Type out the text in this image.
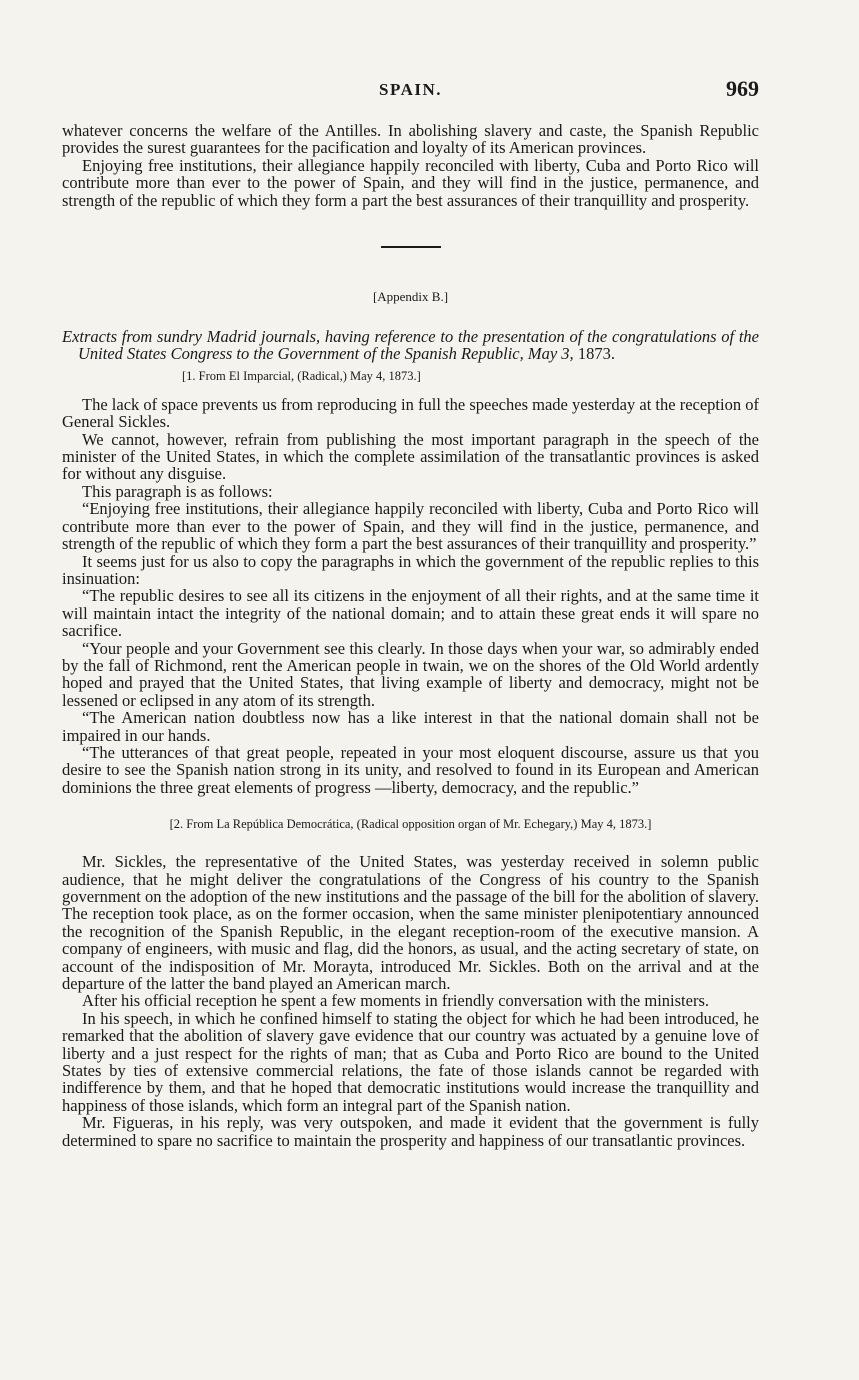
SPAIN.	969

whatever concerns the welfare of the Antilles. In abolishing slavery and caste, the Spanish Republic provides the surest guarantees for the pacification and loyalty of its American provinces.

Enjoying free institutions, their allegiance happily reconciled with liberty, Cuba and Porto Rico will contribute more than ever to the power of Spain, and they will find in the justice, permanence, and strength of the republic of which they form a part the best assurances of their tranquillity and prosperity.

[Appendix B.]
Extracts from sundry Madrid journals, having reference to the presentation of the congratulations of the United States Congress to the Government of the Spanish Republic, May 3, 1873.
[1. From El Imparcial, (Radical,) May 4, 1873.]

The lack of space prevents us from reproducing in full the speeches made yesterday at the reception of General Sickles.

We cannot, however, refrain from publishing the most important paragraph in the speech of the minister of the United States, in which the complete assimilation of the transatlantic provinces is asked for without any disguise.

This paragraph is as follows:

“Enjoying free institutions, their allegiance happily reconciled with liberty, Cuba and Porto Rico will contribute more than ever to the power of Spain, and they will find in the justice, permanence, and strength of the republic of which they form a part the best assurances of their tranquillity and prosperity.”

It seems just for us also to copy the paragraphs in which the government of the republic replies to this insinuation:

“The republic desires to see all its citizens in the enjoyment of all their rights, and at the same time it will maintain intact the integrity of the national domain; and to attain these great ends it will spare no sacrifice.

“Your people and your Government see this clearly. In those days when your war, so admirably ended by the fall of Richmond, rent the American people in twain, we on the shores of the Old World ardently hoped and prayed that the United States, that living example of liberty and democracy, might not be lessened or eclipsed in any atom of its strength.

“The American nation doubtless now has a like interest in that the national domain shall not be impaired in our hands.

“The utterances of that great people, repeated in your most eloquent discourse, assure us that you desire to see the Spanish nation strong in its unity, and resolved to found in its European and American dominions the three great elements of progress —liberty, democracy, and the republic.”

[2. From La República Democrática, (Radical opposition organ of Mr. Echegary,) May 4, 1873.]

Mr. Sickles, the representative of the United States, was yesterday received in solemn public audience, that he might deliver the congratulations of the Congress of his country to the Spanish government on the adoption of the new institutions and the passage of the bill for the abolition of slavery. The reception took place, as on the former occasion, when the same minister plenipotentiary announced the recognition of the Spanish Republic, in the elegant reception-room of the executive mansion. A company of engineers, with music and flag, did the honors, as usual, and the acting secretary of state, on account of the indisposition of Mr. Morayta, introduced Mr. Sickles. Both on the arrival and at the departure of the latter the band played an American march.

After his official reception he spent a few moments in friendly conversation with the ministers.

In his speech, in which he confined himself to stating the object for which he had been introduced, he remarked that the abolition of slavery gave evidence that our country was actuated by a genuine love of liberty and a just respect for the rights of man; that as Cuba and Porto Rico are bound to the United States by ties of extensive commercial relations, the fate of those islands cannot be regarded with indifference by them, and that he hoped that democratic institutions would increase the tranquillity and happiness of those islands, which form an integral part of the Spanish nation.

Mr. Figueras, in his reply, was very outspoken, and made it evident that the government is fully determined to spare no sacrifice to maintain the prosperity and happiness of our transatlantic provinces.
